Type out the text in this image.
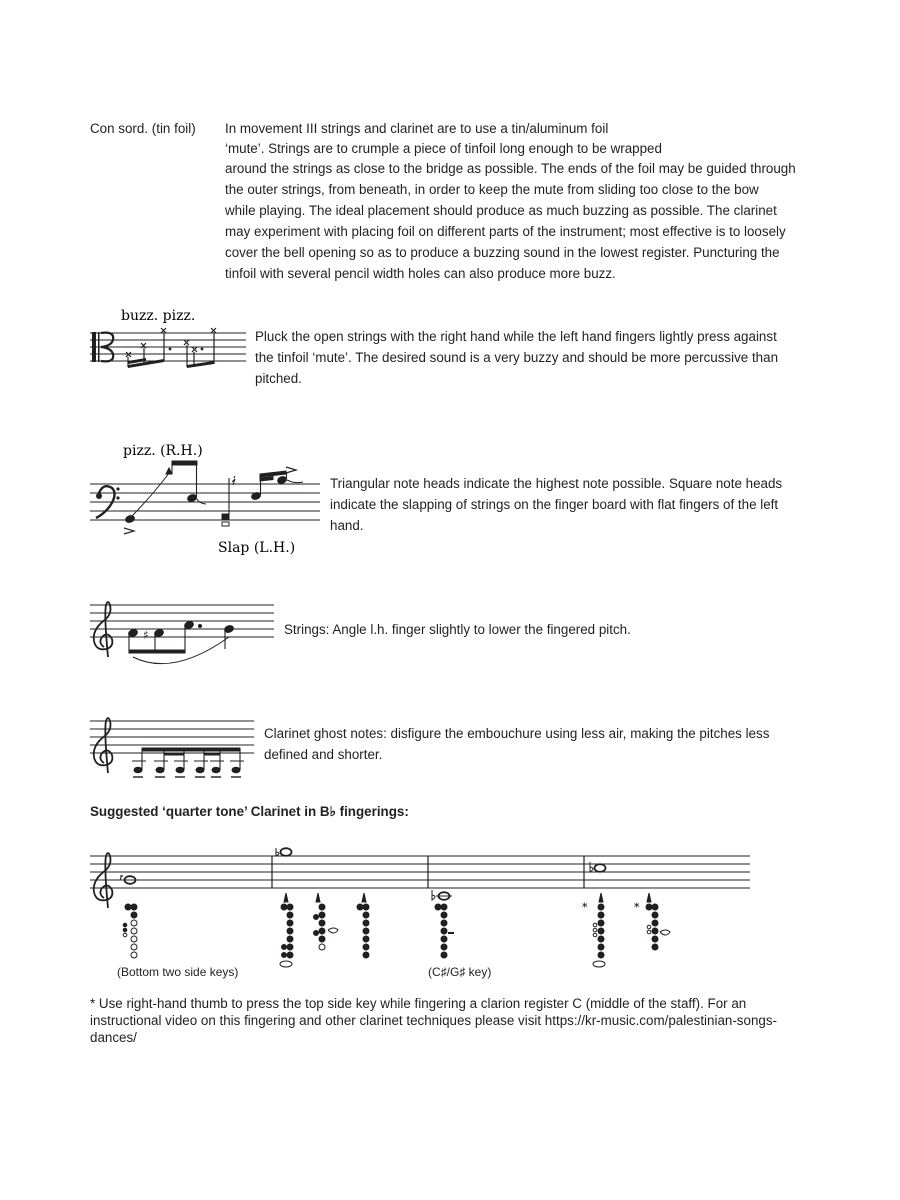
Con sord. (tin foil) In movement III strings and clarinet are to use a tin/aluminum foil
‘mute’. Strings are to crumple a piece of tinfoil long enough to be wrapped
around the strings as close to the bridge as possible. The ends of the foil may be guided through
the outer strings, from beneath, in order to keep the mute from sliding too close to the bow
while playing. The ideal placement should produce as much buzzing as possible. The clarinet
may experiment with placing foil on different parts of the instrument; most effective is to loosely
cover the bell opening so as to produce a buzzing sound in the lowest register. Puncturing the
tinfoil with several pencil width holes can also produce more buzz.
buzz. pizz.
Pluck the open strings with the right hand while the left hand fingers lightly press against
the tinfoil ‘mute’. The desired sound is a very buzzy and should be more percussive than
pitched.
pizz. (R.H.)
Slap (L.H.)
Triangular note heads indicate the highest note possible. Square note heads
indicate the slapping of strings on the finger board with flat fingers of the left
hand.
♯	Strings: Angle l.h. finger slightly to lower the fingered pitch.
Clarinet ghost notes: disfigure the embouchure using less air, making the pitches less
defined and shorter.
Suggested ‘quarter tone’ Clarinet in B♭ fingerings:
*	*
(Bottom two side keys)	(C♯/G♯ key)
* Use right-hand thumb to press the top side key while fingering a clarion register C (middle of the staff). For an
instructional video on this fingering and other clarinet techniques please visit https://kr-music.com/palestinian-songs-
dances/
